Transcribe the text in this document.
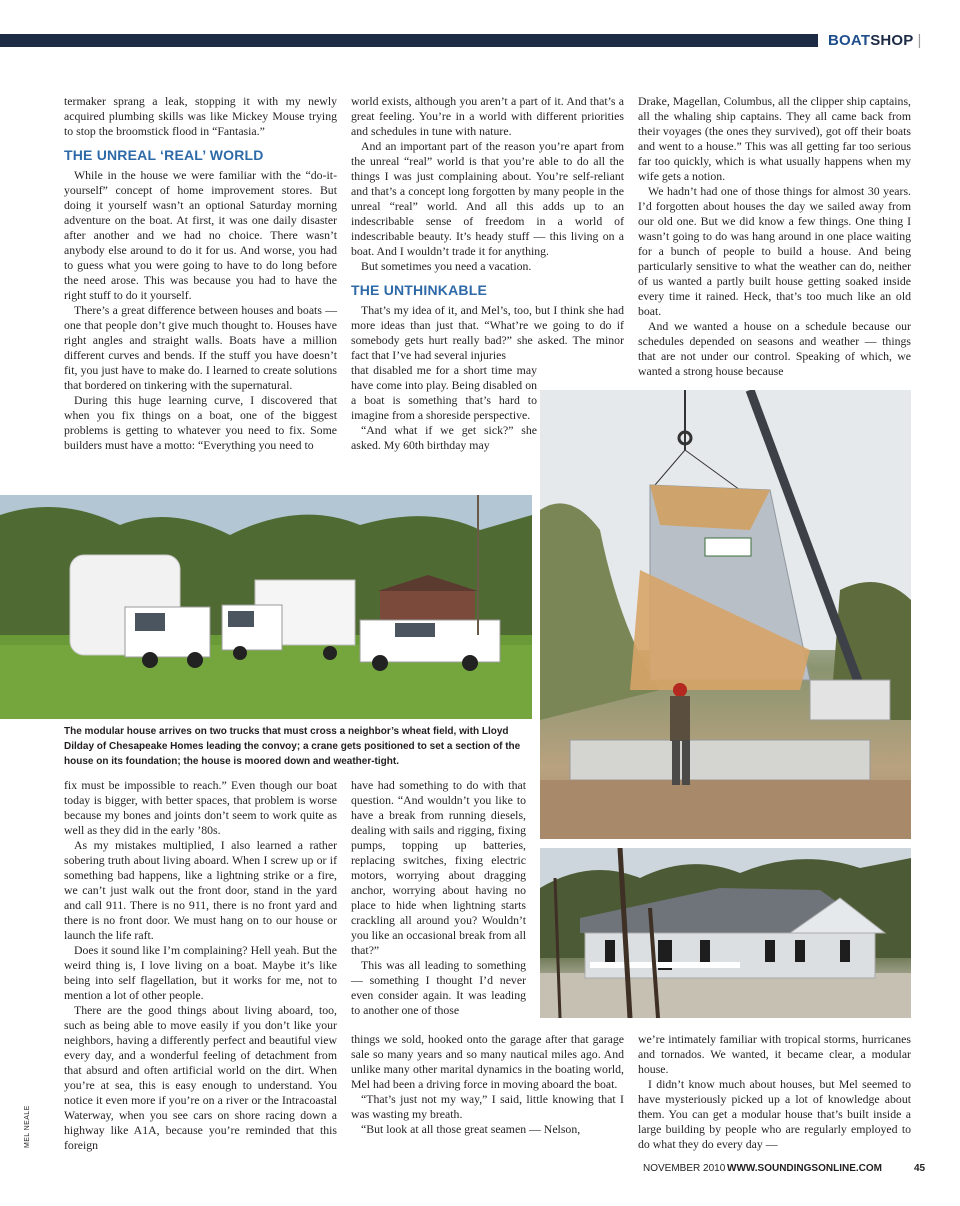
BOATSHOP |

termaker sprang a leak, stopping it with my newly acquired plumbing skills was like Mickey Mouse trying to stop the broomstick flood in “Fantasia.”

THE UNREAL ‘REAL’ WORLD

While in the house we were familiar with the “do-it-yourself” concept of home improvement stores. But doing it yourself wasn’t an optional Saturday morning adventure on the boat. At first, it was one daily disaster after another and we had no choice. There wasn’t anybody else around to do it for us. And worse, you had to guess what you were going to have to do long before the need arose. This was because you had to have the right stuff to do it yourself.

There’s a great difference between houses and boats — one that people don’t give much thought to. Houses have right angles and straight walls. Boats have a million different curves and bends. If the stuff you have doesn’t fit, you just have to make do. I learned to create solutions that bordered on tinkering with the supernatural.

During this huge learning curve, I discovered that when you fix things on a boat, one of the biggest problems is getting to whatever you need to fix. Some builders must have a motto: “Everything you need to

world exists, although you aren’t a part of it. And that’s a great feeling. You’re in a world with different priorities and schedules in tune with nature.

And an important part of the reason you’re apart from the unreal “real” world is that you’re able to do all the things I was just complaining about. You’re self-reliant and that’s a concept long forgotten by many people in the unreal “real” world. And all this adds up to an indescribable sense of freedom in a world of indescribable beauty. It’s heady stuff — this living on a boat. And I wouldn’t trade it for anything.

But sometimes you need a vacation.

THE UNTHINKABLE

That’s my idea of it, and Mel’s, too, but I think she had more ideas than just that. “What’re we going to do if somebody gets hurt really bad?” she asked. The minor fact that I’ve had several injuries

that disabled me for a short time may have come into play. Being disabled on a boat is something that’s hard to imagine from a shoreside perspective.

“And what if we get sick?” she asked. My 60th birthday may

Drake, Magellan, Columbus, all the clipper ship captains, all the whaling ship captains. They all came back from their voyages (the ones they survived), got off their boats and went to a house.” This was all getting far too serious far too quickly, which is what usually happens when my wife gets a notion.

We hadn’t had one of those things for almost 30 years. I’d forgotten about houses the day we sailed away from our old one. But we did know a few things. One thing I wasn’t going to do was hang around in one place waiting for a bunch of people to build a house. And being particularly sensitive to what the weather can do, neither of us wanted a partly built house getting soaked inside every time it rained. Heck, that’s too much like an old boat.

And we wanted a house on a schedule because our schedules depended on seasons and weather — things that are not under our control. Speaking of which, we wanted a strong house because

The modular house arrives on two trucks that must cross a neighbor’s wheat field, with Lloyd Dilday of Chesapeake Homes leading the convoy; a crane gets positioned to set a section of the house on its foundation; the house is moored down and weather-tight.

fix must be impossible to reach.” Even though our boat today is bigger, with better spaces, that problem is worse because my bones and joints don’t seem to work quite as well as they did in the early ’80s.

As my mistakes multiplied, I also learned a rather sobering truth about living aboard. When I screw up or if something bad happens, like a lightning strike or a fire, we can’t just walk out the front door, stand in the yard and call 911. There is no 911, there is no front yard and there is no front door. We must hang on to our house or launch the life raft.

Does it sound like I’m complaining? Hell yeah. But the weird thing is, I love living on a boat. Maybe it’s like being into self flagellation, but it works for me, not to mention a lot of other people.

There are the good things about living aboard, too, such as being able to move easily if you don’t like your neighbors, having a differently perfect and beautiful view every day, and a wonderful feeling of detachment from that absurd and often artificial world on the dirt. When you’re at sea, this is easy enough to understand. You notice it even more if you’re on a river or the Intracoastal Waterway, when you see cars on shore racing down a highway like A1A, because you’re reminded that this foreign

have had something to do with that question. “And wouldn’t you like to have a break from running diesels, dealing with sails and rigging, fixing pumps, topping up batteries, replacing switches, fixing electric motors, worrying about dragging anchor, worrying about having no place to hide when lightning starts crackling all around you? Wouldn’t you like an occasional break from all that?”

This was all leading to something — something I thought I’d never even consider again. It was leading to another one of those

things we sold, hooked onto the garage after that garage sale so many years and so many nautical miles ago. And unlike many other marital dynamics in the boating world, Mel had been a driving force in moving aboard the boat.

“That’s just not my way,” I said, little knowing that I was wasting my breath.

“But look at all those great seamen — Nelson,

we’re intimately familiar with tropical storms, hurricanes and tornados. We wanted, it became clear, a modular house.

I didn’t know much about houses, but Mel seemed to have mysteriously picked up a lot of knowledge about them. You can get a modular house that’s built inside a large building by people who are regularly employed to do what they do every day —

MEL NEALE
NOVEMBER 2010 WWW.SOUNDINGSONLINE.COM	45
